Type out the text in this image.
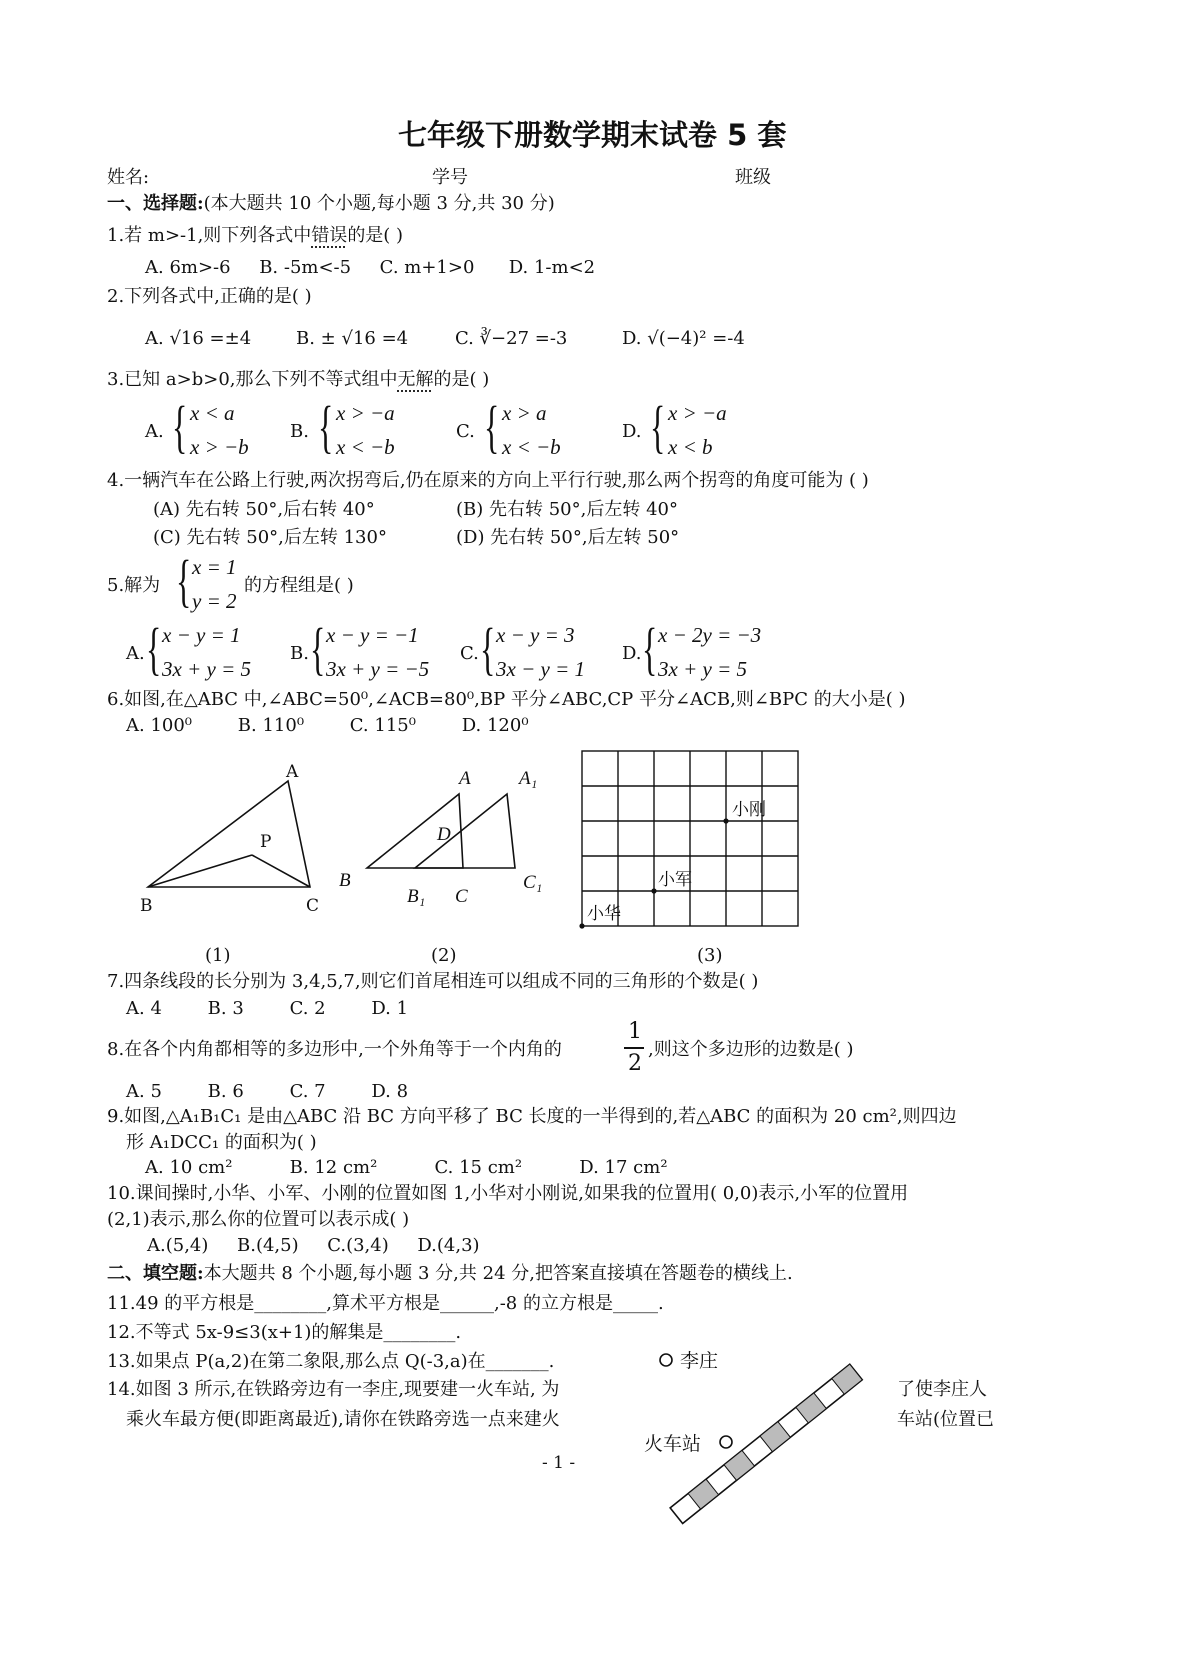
七年级下册数学期末试卷 5 套
姓名:	学号	班级
一、选择题:(本大题共 10 个小题,每小题 3 分,共 30 分)
1.若 m>-1,则下列各式中错误的是( )
A. 6m>-6     B. -5m<-5     C. m+1>0      D. 1-m<2
2.下列各式中,正确的是( )
A. √16 =±4 B. ± √16 =4	C. ∛−27 =-3	D. √(−4)² =-4
3.已知 a>b>0,那么下列不等式组中无解的是( )
A. { x < a
x > −b
B. { x > −a
x < −b
C. { x > a
x < −b
D. { x > −a
x < b
4.一辆汽车在公路上行驶,两次拐弯后,仍在原来的方向上平行行驶,那么两个拐弯的角度可能为 ( )
(A) 先右转 50°,后右转 40°	(B) 先右转 50°,后左转 40°
(C) 先右转 50°,后左转 130°	(D) 先右转 50°,后左转 50°
5.解为 { x = 1
y = 2
的方程组是( )
A. { x − y = 1
3x + y = 5
B. { x − y = −1
3x + y = −5
C. { x − y = 3
3x − y = 1
D. { x − 2y = −3
3x + y = 5
6.如图,在△ABC 中,∠ABC=50⁰,∠ACB=80⁰,BP 平分∠ABC,CP 平分∠ACB,则∠BPC 的大小是( )
A. 100⁰        B. 110⁰        C. 115⁰        D. 120⁰
A
B	C
P
A	A₁
B
B₁ C
C₁
D
小刚
小军
小华
(1)	(2)	(3)
7.四条线段的长分别为 3,4,5,7,则它们首尾相连可以组成不同的三角形的个数是( )
A. 4        B. 3        C. 2        D. 1
8.在各个内角都相等的多边形中,一个外角等于一个内角的
1
2
,则这个多边形的边数是( )
A. 5        B. 6        C. 7        D. 8
9.如图,△A₁B₁C₁ 是由△ABC 沿 BC 方向平移了 BC 长度的一半得到的,若△ABC 的面积为 20 cm²,则四边
形 A₁DCC₁ 的面积为( )
A. 10 cm²          B. 12 cm²          C. 15 cm²          D. 17 cm²
10.课间操时,小华、小军、小刚的位置如图 1,小华对小刚说,如果我的位置用( 0,0)表示,小军的位置用
(2,1)表示,那么你的位置可以表示成( )
A.(5,4)     B.(4,5)     C.(3,4)     D.(4,3)
二、填空题:本大题共 8 个小题,每小题 3 分,共 24 分,把答案直接填在答题卷的横线上.
11.49 的平方根是________,算术平方根是______,-8 的立方根是_____.
12.不等式 5x-9≤3(x+1)的解集是________.
13.如果点 P(a,2)在第二象限,那么点 Q(-3,a)在_______.
14.如图 3 所示,在铁路旁边有一李庄,现要建一火车站, 为	了使李庄人
乘火车最方便(即距离最近),请你在铁路旁选一点来建火	车站(位置已
李庄
火车站
- 1 -
